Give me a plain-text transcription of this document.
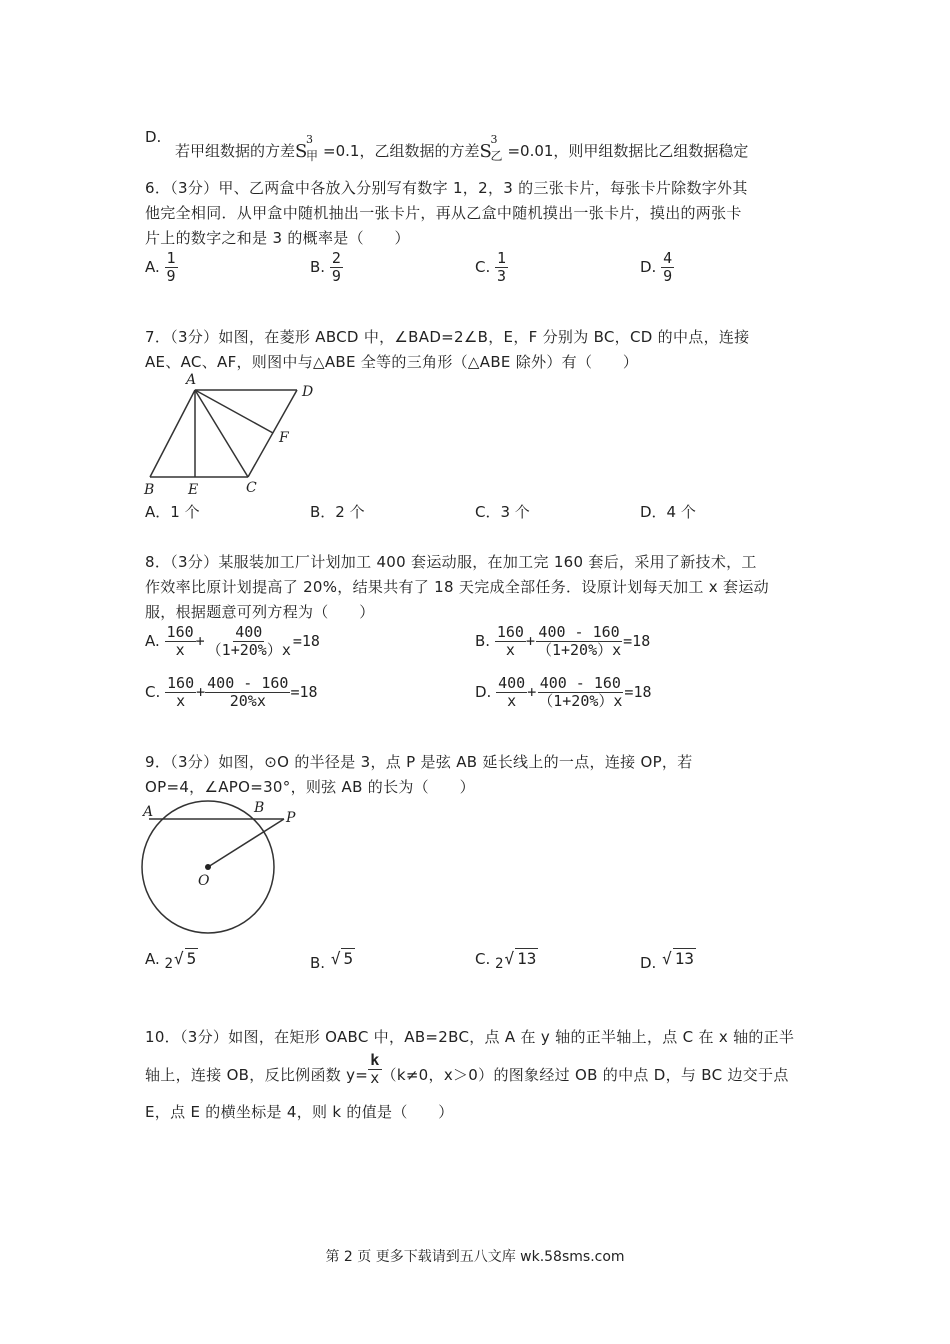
D.
若甲组数据的方差 S
3
甲 =0.1，乙组数据的方差 S
3
乙 =0.01，则甲组数据比乙组数据稳定
6．（3分）甲、乙两盒中各放入分别写有数字 1，2，3 的三张卡片，每张卡片除数字外其
他完全相同．从甲盒中随机抽出一张卡片，再从乙盒中随机摸出一张卡片，摸出的两张卡
片上的数字之和是 3 的概率是（　　）
A. $\frac{1}{9}$	B. $\frac{2}{9}$	C. $\frac{1}{3}$	D. $\frac{4}{9}$
7．（3分）如图，在菱形 ABCD 中，∠BAD=2∠B，E，F 分别为 BC，CD 的中点，连接
AE、AC、AF，则图中与△ABE 全等的三角形（△ABE 除外）有（　　）
A
D
F
B E	C
A．1 个	B．2 个	C．3 个	D．4 个
8．（3分）某服装加工厂计划加工 400 套运动服，在加工完 160 套后，采用了新技术，工
作效率比原计划提高了 20%，结果共有了 18 天完成全部任务．设原计划每天加工 x 套运动
服，根据题意可列方程为（　　）
A. $\frac{160}{x} + \frac{400}{(1+20\%)x} =18$	B. $\frac{160}{x} + \frac{400 - 160}{(1+20\%)x} =18$
C. $\frac{160}{x} + \frac{400 - 160}{20\%x} =18$	D. $\frac{400}{x} + \frac{400 - 160}{(1+20\%)x} =18$
9．（3分）如图，⊙O 的半径是 3，点 P 是弦 AB 延长线上的一点，连接 OP，若
OP=4，∠APO=30°，则弦 AB 的长为（　　）
A	B
P
O
A. 2 √ 5	B. √ 5	C. 2 √ 13	D. √ 13
10．（3分）如图，在矩形 OABC 中，AB=2BC，点 A 在 y 轴的正半轴上，点 C 在 x 轴的正半
轴上，连接 OB，反比例函数 $y= \frac{k}{x} (k\ne 0$，x＞0）的图象经过 OB 的中点 D，与 BC 边交于点
E，点 E 的横坐标是 4，则 k 的值是（　　）
第 2 页 更多下载请到五八文库 wk.58sms.com
